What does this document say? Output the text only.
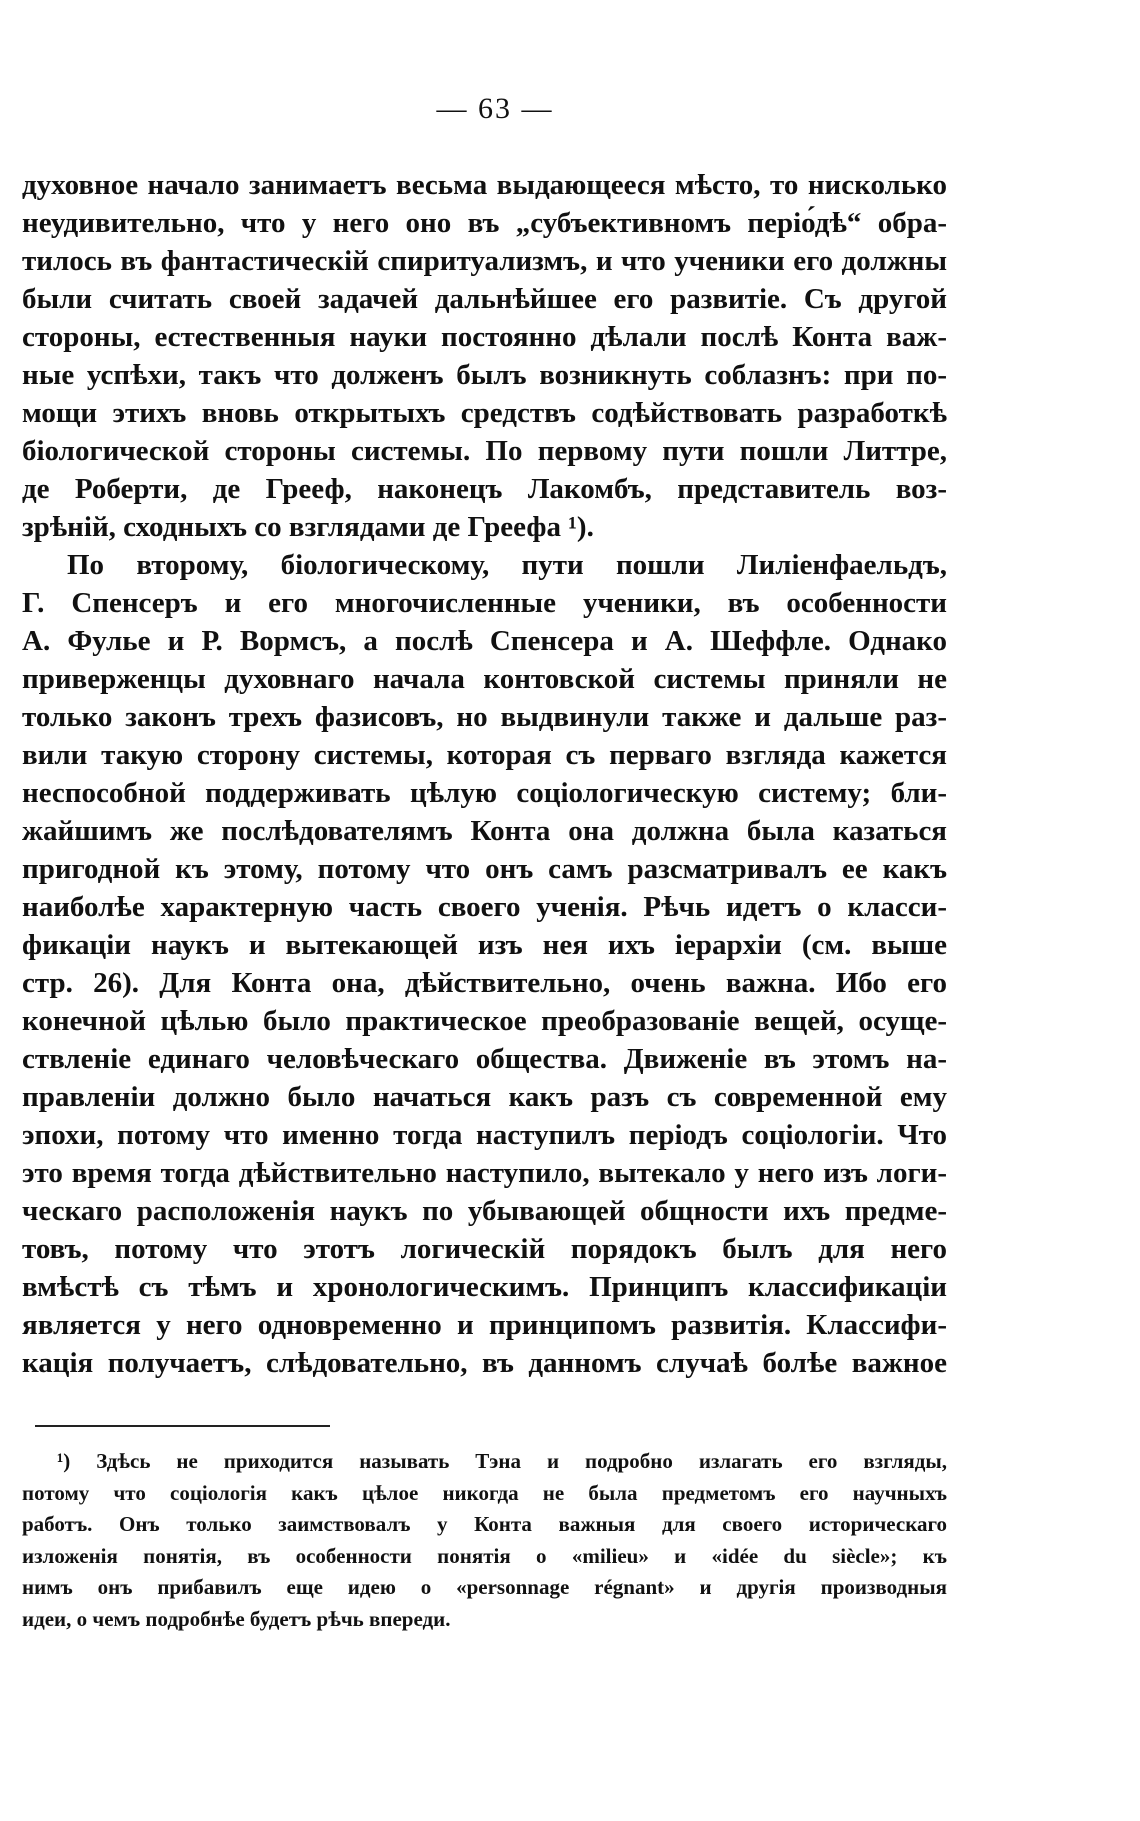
— 63 —
духовное начало занимаетъ весьма выдающееся мѣсто, то нисколько
неудивительно, что у него оно въ „субъективномъ періо́дѣ“ обра-
тилось въ фантастическій спиритуализмъ, и что ученики его должны
были считать своей задачей дальнѣйшее его развитіе. Съ другой
стороны, естественныя науки постоянно дѣлали послѣ Конта важ-
ные успѣхи, такъ что долженъ былъ возникнуть соблазнъ: при по-
мощи этихъ вновь открытыхъ средствъ содѣйствовать разработкѣ
біологической стороны системы. По первому пути пошли Литтре,
де Роберти, де Грееф, наконецъ Лакомбъ, представитель воз-
зрѣній, сходныхъ со взглядами де Греефа ¹).
По второму, біологическому, пути пошли Лиліенфаельдъ,
Г. Спенсеръ и его многочисленные ученики, въ особенности
А. Фулье и Р. Вормсъ, а послѣ Спенсера и А. Шеффле. Однако
приверженцы духовнаго начала контовской системы приняли не
только законъ трехъ фазисовъ, но выдвинули также и дальше раз-
вили такую сторону системы, которая съ перваго взгляда кажется
неспособной поддерживать цѣлую соціологическую систему; бли-
жайшимъ же послѣдователямъ Конта она должна была казаться
пригодной къ этому, потому что онъ самъ разсматривалъ ее какъ
наиболѣе характерную часть своего ученія. Рѣчь идетъ о класси-
фикаціи наукъ и вытекающей изъ нея ихъ іерархіи (см. выше
стр. 26). Для Конта она, дѣйствительно, очень важна. Ибо его
конечной цѣлью было практическое преобразованіе вещей, осуще-
ствленіе единаго человѣческаго общества. Движеніе въ этомъ на-
правленіи должно было начаться какъ разъ съ современной ему
эпохи, потому что именно тогда наступилъ періодъ соціологіи. Что
это время тогда дѣйствительно наступило, вытекало у него изъ логи-
ческаго расположенія наукъ по убывающей общности ихъ предме-
товъ, потому что этотъ логическій порядокъ былъ для него
вмѣстѣ съ тѣмъ и хронологическимъ. Принципъ классификаціи
является у него одновременно и принципомъ развитія. Классифи-
кація получаетъ, слѣдовательно, въ данномъ случаѣ болѣе важное
¹) Здѣсь не приходится называть Тэна и подробно излагать его взгляды,
потому что соціологія какъ цѣлое никогда не была предметомъ его научныхъ
работъ. Онъ только заимствовалъ у Конта важныя для своего историческаго
изложенія понятія, въ особенности понятія о «milieu» и «idée du siècle»; къ
нимъ онъ прибавилъ еще идею о «personnage régnant» и другія производныя
идеи, о чемъ подробнѣе будетъ рѣчь впереди.
